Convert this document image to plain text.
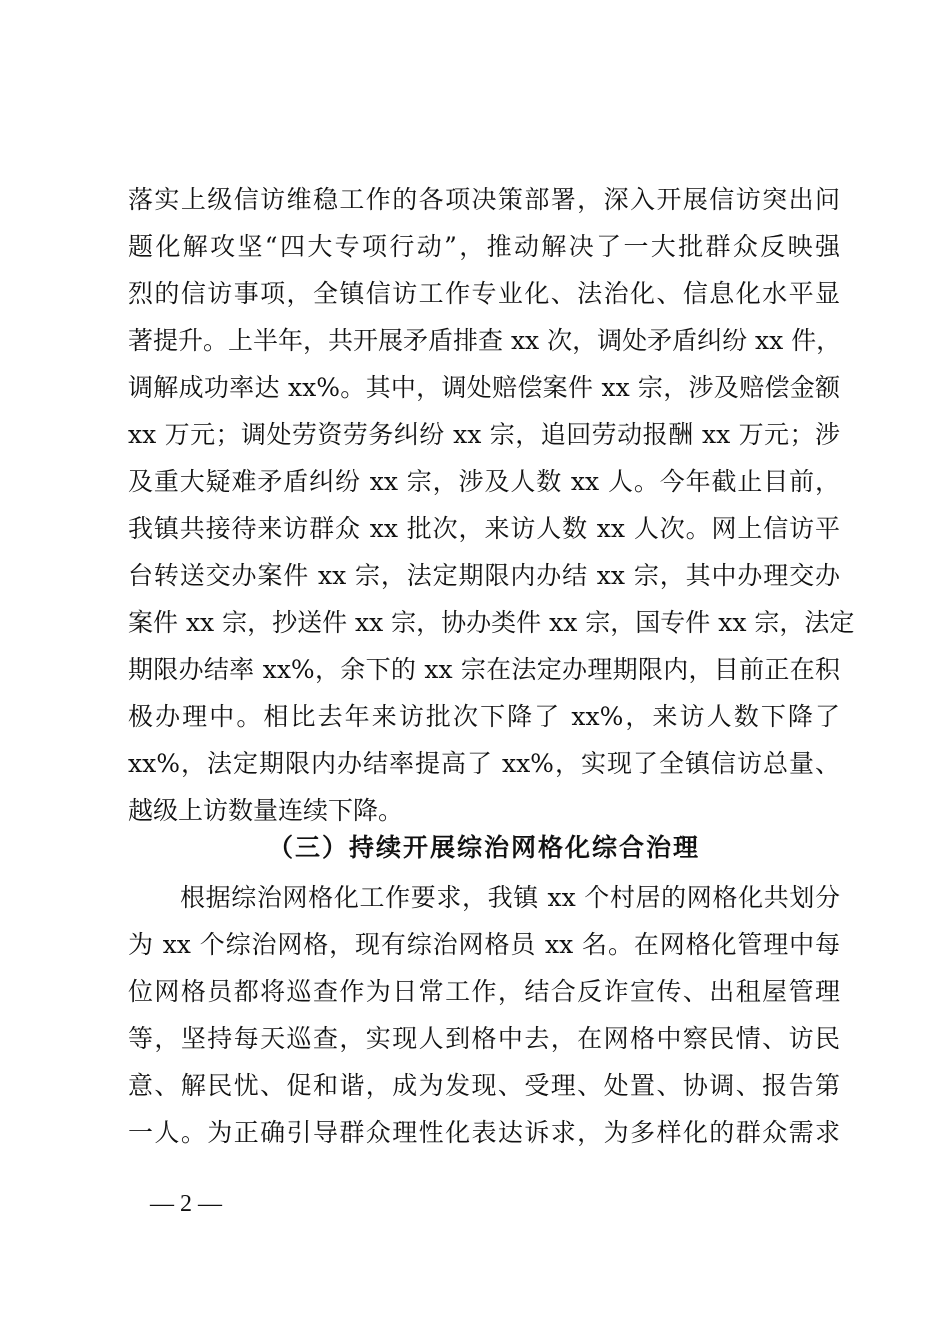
落实上级信访维稳工作的各项决策部署，深入开展信访突出问
题化解攻坚“四大专项行动”，推动解决了一大批群众反映强
烈的信访事项，全镇信访工作专业化、法治化、信息化水平显
著提升。上半年，共开展矛盾排查 xx 次，调处矛盾纠纷 xx 件，
调解成功率达 xx%。其中，调处赔偿案件 xx 宗，涉及赔偿金额
xx 万元；调处劳资劳务纠纷 xx 宗，追回劳动报酬 xx 万元；涉
及重大疑难矛盾纠纷 xx 宗，涉及人数 xx 人。今年截止目前，
我镇共接待来访群众 xx 批次，来访人数 xx 人次。网上信访平
台转送交办案件 xx 宗，法定期限内办结 xx 宗，其中办理交办
案件 xx 宗，抄送件 xx 宗，协办类件 xx 宗，国专件 xx 宗，法定
期限办结率 xx%，余下的 xx 宗在法定办理期限内，目前正在积
极办理中。相比去年来访批次下降了 xx%，来访人数下降了
xx%，法定期限内办结率提高了 xx%，实现了全镇信访总量、
越级上访数量连续下降。
（三）持续开展综治网格化综合治理
根据综治网格化工作要求，我镇 xx 个村居的网格化共划分
为 xx 个综治网格，现有综治网格员 xx 名。在网格化管理中每
位网格员都将巡查作为日常工作，结合反诈宣传、出租屋管理
等，坚持每天巡查，实现人到格中去，在网格中察民情、访民
意、解民忧、促和谐，成为发现、受理、处置、协调、报告第
一人。为正确引导群众理性化表达诉求，为多样化的群众需求
— 2 —
